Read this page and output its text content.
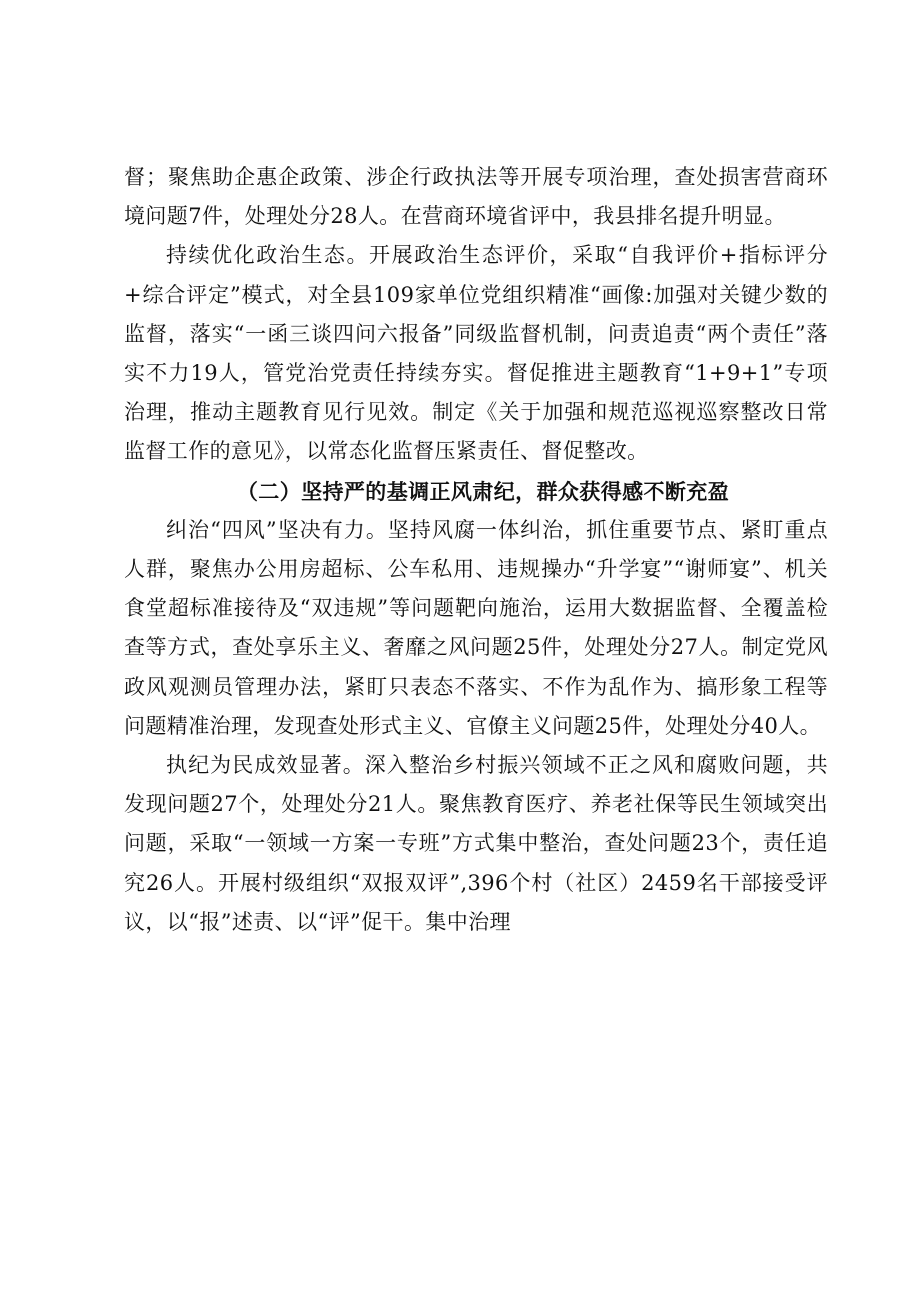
督；聚焦助企惠企政策、涉企行政执法等开展专项治理，查处损害营商环境问题7件，处理处分28人。在营商环境省评中，我县排名提升明显。

持续优化政治生态。开展政治生态评价，采取“自我评价+指标评分+综合评定”模式，对全县109家单位党组织精准“画像:加强对关键少数的监督，落实“一函三谈四问六报备”同级监督机制，问责追责“两个责任”落实不力19人，管党治党责任持续夯实。督促推进主题教育“1+9+1”专项治理，推动主题教育见行见效。制定《关于加强和规范巡视巡察整改日常监督工作的意见》，以常态化监督压紧责任、督促整改。

（二）坚持严的基调正风肃纪，群众获得感不断充盈

纠治“四风”坚决有力。坚持风腐一体纠治，抓住重要节点、紧盯重点人群，聚焦办公用房超标、公车私用、违规操办“升学宴”“谢师宴”、机关食堂超标准接待及“双违规”等问题靶向施治，运用大数据监督、全覆盖检查等方式，查处享乐主义、奢靡之风问题25件，处理处分27人。制定党风政风观测员管理办法，紧盯只表态不落实、不作为乱作为、搞形象工程等问题精准治理，发现查处形式主义、官僚主义问题25件，处理处分40人。

执纪为民成效显著。深入整治乡村振兴领域不正之风和腐败问题，共发现问题27个，处理处分21人。聚焦教育医疗、养老社保等民生领域突出问题，采取“一领域一方案一专班”方式集中整治，查处问题23个，责任追究26人。开展村级组织“双报双评”,396个村（社区）2459名干部接受评议，以“报”述责、以“评”促干。集中治理
